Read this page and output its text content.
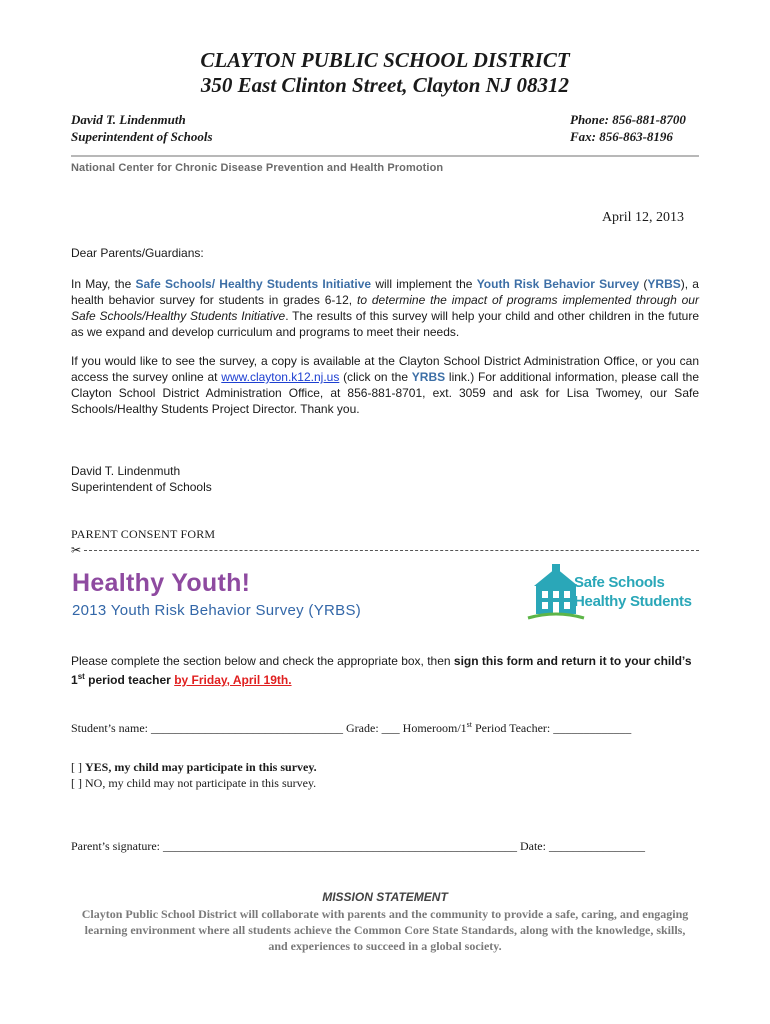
CLAYTON PUBLIC SCHOOL DISTRICT
350 East Clinton Street, Clayton NJ 08312
David T. Lindenmuth
Superintendent of Schools
Phone: 856-881-8700
Fax: 856-863-8196
National Center for Chronic Disease Prevention and Health Promotion
April 12, 2013
Dear Parents/Guardians:
In May, the Safe Schools/ Healthy Students Initiative will implement the Youth Risk Behavior Survey (YRBS), a health behavior survey for students in grades 6-12, to determine the impact of programs implemented through our Safe Schools/Healthy Students Initiative. The results of this survey will help your child and other children in the future as we expand and develop curriculum and programs to meet their needs.
If you would like to see the survey, a copy is available at the Clayton School District Administration Office, or you can access the survey online at www.clayton.k12.nj.us (click on the YRBS link.) For additional information, please call the Clayton School District Administration Office, at 856-881-8701, ext. 3059 and ask for Lisa Twomey, our Safe Schools/Healthy Students Project Director. Thank you.
David T. Lindenmuth
Superintendent of Schools
PARENT CONSENT FORM
✂
Healthy Youth!
2013 Youth Risk Behavior Survey (YRBS)
Safe Schools
Healthy Students
Please complete the section below and check the appropriate box, then sign this form and return it to your child’s 1st period teacher by Friday, April 19th.
Student’s name: ________________________________ Grade: ___ Homeroom/1st Period Teacher: _____________
[ ] YES, my child may participate in this survey.
[ ] NO, my child may not participate in this survey.
Parent’s signature: ___________________________________________________________ Date: ________________
MISSION STATEMENT
Clayton Public School District will collaborate with parents and the community to provide a safe, caring, and engaging learning environment where all students achieve the Common Core State Standards, along with the knowledge, skills, and experiences to succeed in a global society.
